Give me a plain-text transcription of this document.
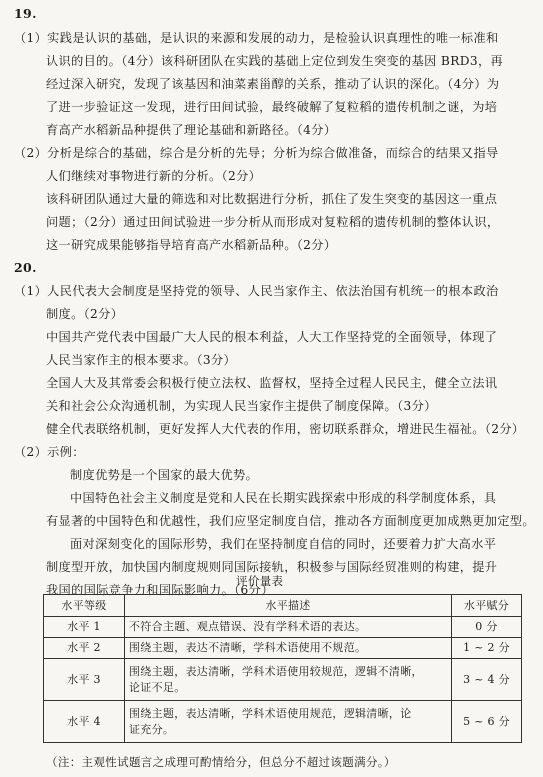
19.
（1）实践是认识的基础，是认识的来源和发展的动力，是检验认识真理性的唯一标准和
认识的目的。（4分）该科研团队在实践的基础上定位到发生突变的基因 BRD3，再
经过深入研究，发现了该基因和油菜素甾醇的关系，推动了认识的深化。（4分）为
了进一步验证这一发现，进行田间试验，最终破解了复粒稻的遗传机制之谜，为培
育高产水稻新品种提供了理论基础和新路径。（4分）
（2）分析是综合的基础，综合是分析的先导；分析为综合做准备，而综合的结果又指导
人们继续对事物进行新的分析。（2分）
该科研团队通过大量的筛选和对比数据进行分析，抓住了发生突变的基因这一重点
问题；（2分）通过田间试验进一步分析从而形成对复粒稻的遗传机制的整体认识，
这一研究成果能够指导培育高产水稻新品种。（2分）
20.
（1）人民代表大会制度是坚持党的领导、人民当家作主、依法治国有机统一的根本政治
制度。（2分）
中国共产党代表中国最广大人民的根本利益，人大工作坚持党的全面领导，体现了
人民当家作主的根本要求。（3分）
全国人大及其常委会积极行使立法权、监督权，坚持全过程人民民主，健全立法讯
关和社会公众沟通机制，为实现人民当家作主提供了制度保障。（3分）
健全代表联络机制，更好发挥人大代表的作用，密切联系群众，增进民生福祉。（2分）
（2）示例：
制度优势是一个国家的最大优势。
中国特色社会主义制度是党和人民在长期实践探索中形成的科学制度体系，具
有显著的中国特色和优越性，我们应坚定制度自信，推动各方面制度更加成熟更加定型。
面对深刻变化的国际形势，我们在坚持制度自信的同时，还要着力扩大高水平
制度型开放，加快国内制度规则同国际接轨，积极参与国际经贸准则的构建，提升
我国的国际竞争力和国际影响力。（6分）
评价量表
水平等级	水平描述	水平赋分
水平 1	不符合主题、观点错误、没有学科术语的表达。	0 分
水平 2	围绕主题，表达不清晰，学科术语使用不规范。	1 ~ 2 分
水平 3	围绕主题，表达清晰，学科术语使用较规范，逻辑不清晰，
论证不足。	3 ~ 4 分
水平 4	围绕主题，表达清晰，学科术语使用规范，逻辑清晰，论
证充分。	5 ~ 6 分
（注：主观性试题言之成理可酌情给分，但总分不超过该题满分。）
